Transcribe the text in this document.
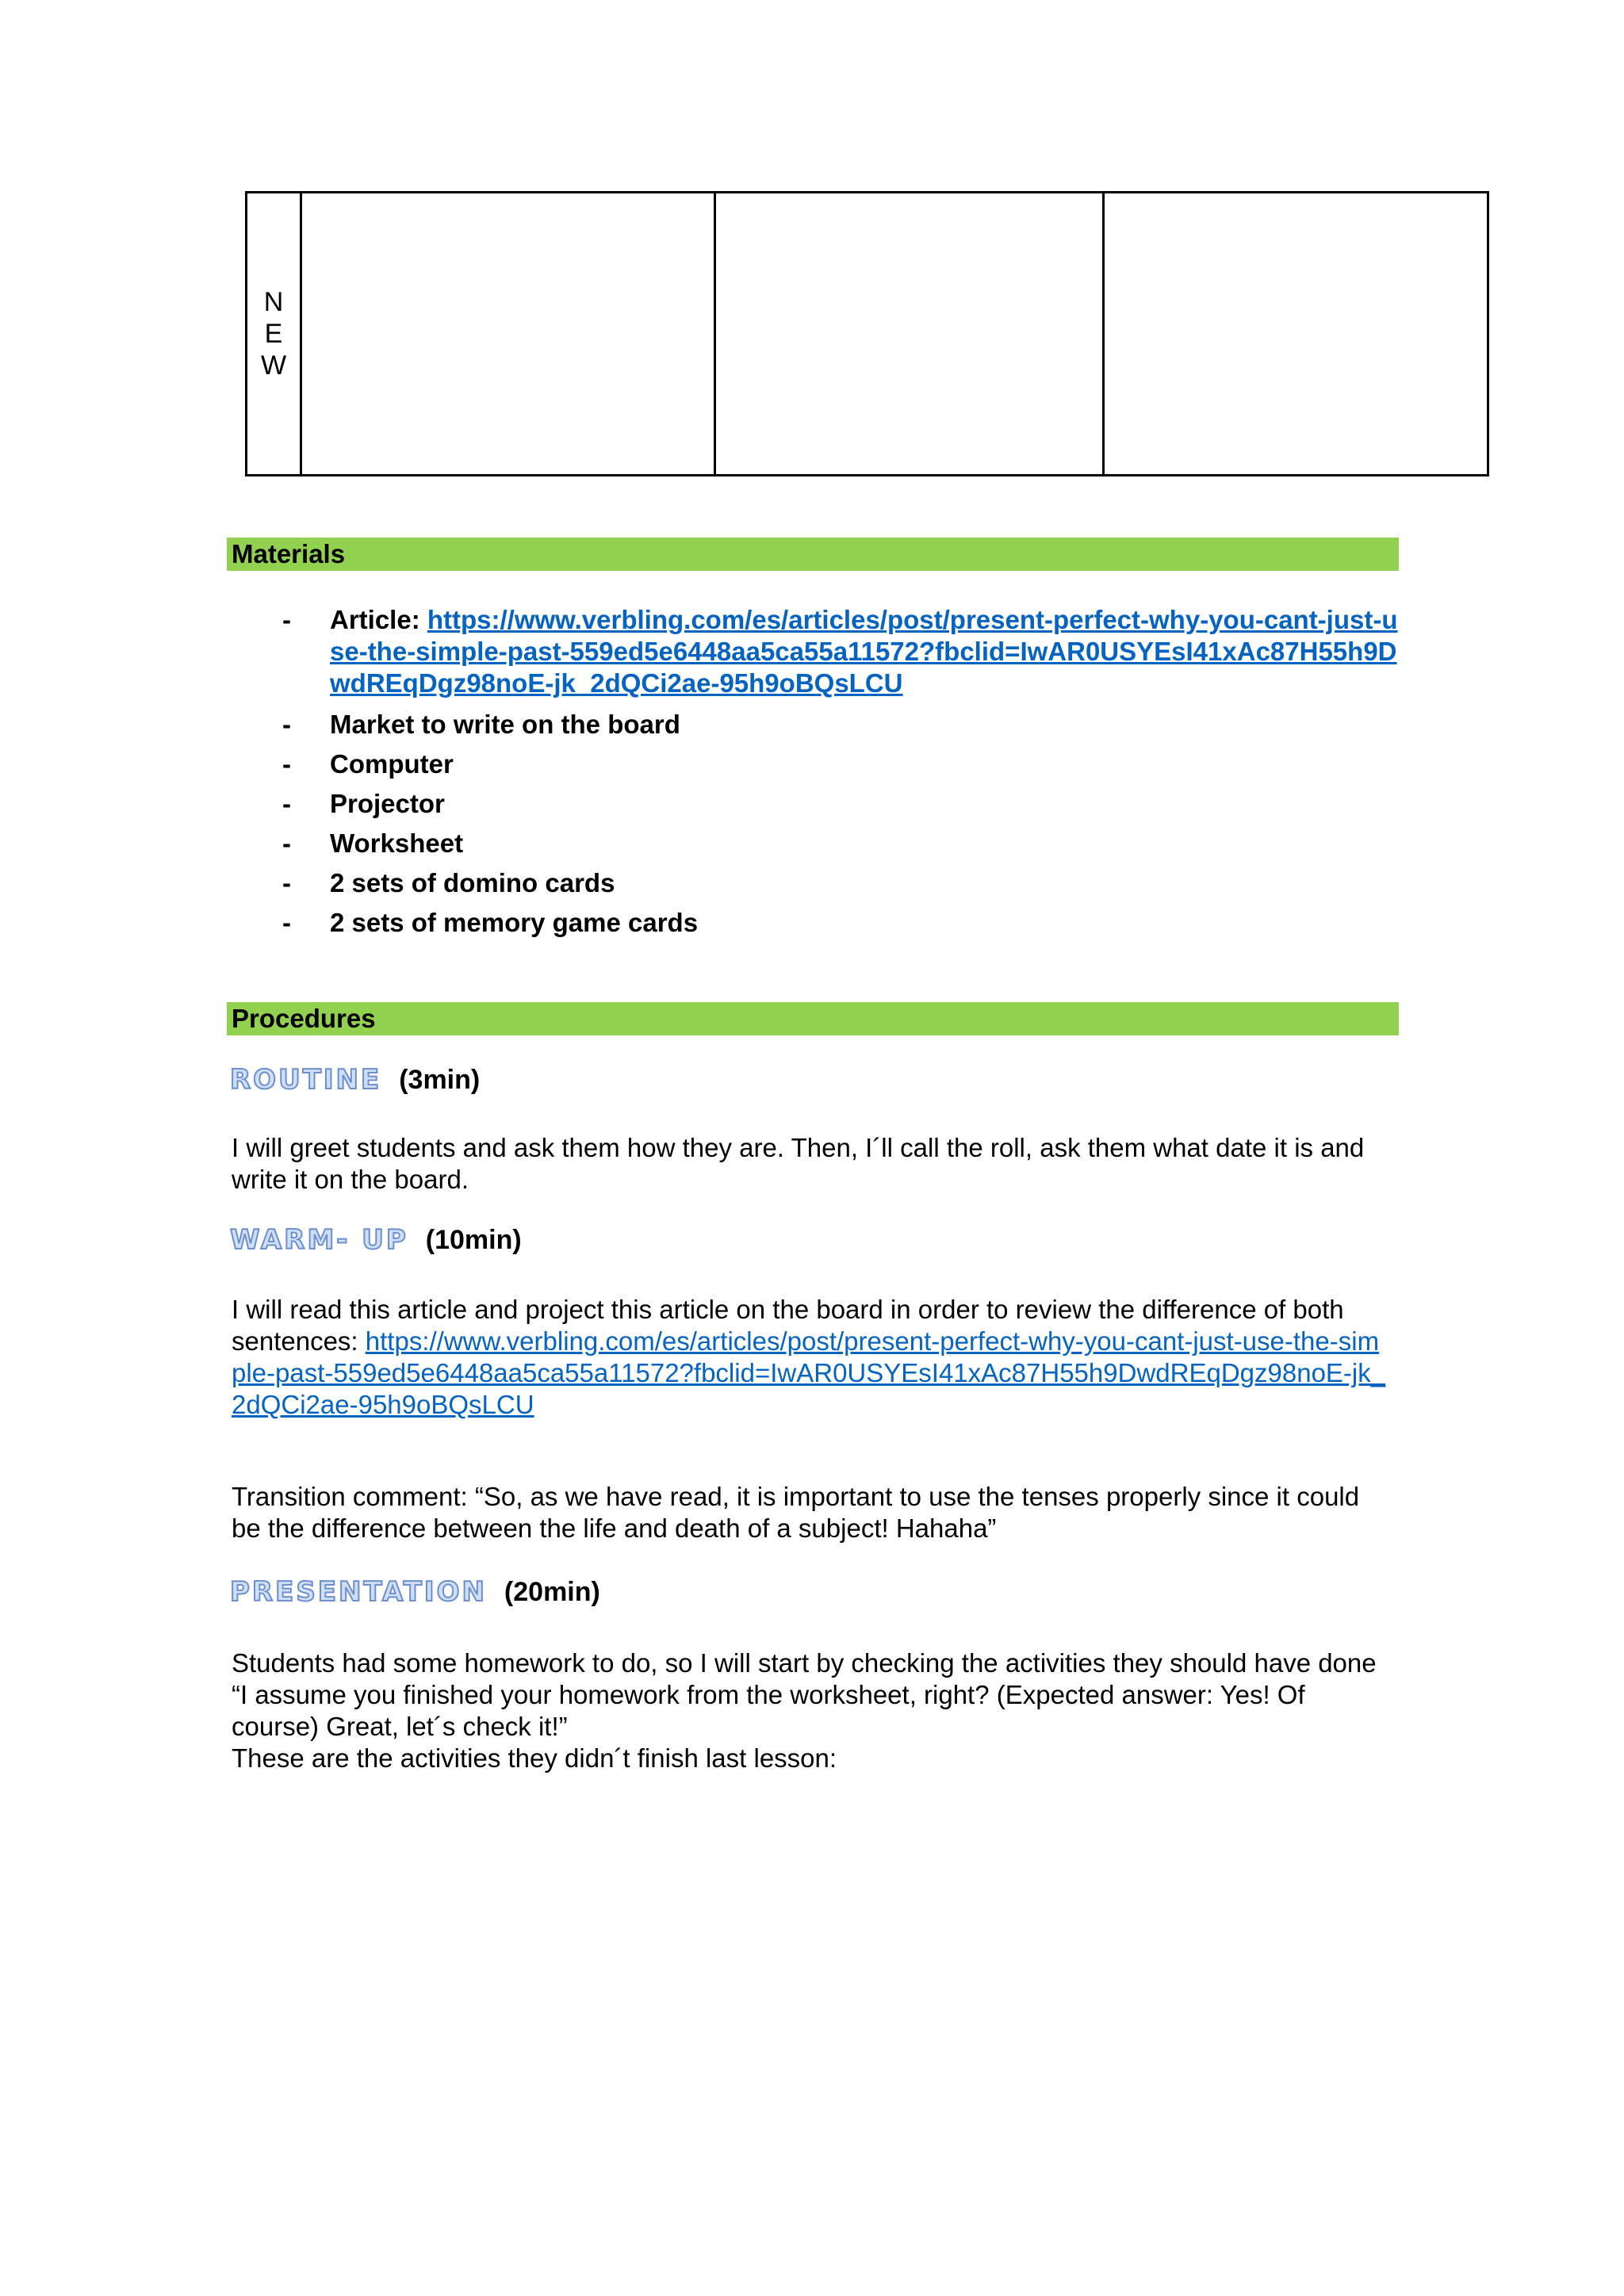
N
E
W

Materials
- Article: https://www.verbling.com/es/articles/post/present-perfect-why-you-cant-just-use-the-simple-past-559ed5e6448aa5ca55a11572?fbclid=IwAR0USYEsI41xAc87H55h9DwdREqDgz98noE-jk_2dQCi2ae-95h9oBQsLCU
- Market to write on the board
- Computer
- Projector
- Worksheet
- 2 sets of domino cards
- 2 sets of memory game cards
Procedures
ROUTINE (3min)
I will greet students and ask them how they are. Then, I´ll call the roll, ask them what date it is and write it on the board.
WARM- UP (10min)
I will read this article and project this article on the board in order to review the difference of both sentences: https://www.verbling.com/es/articles/post/present-perfect-why-you-cant-just-use-the-simple-past-559ed5e6448aa5ca55a11572?fbclid=IwAR0USYEsI41xAc87H55h9DwdREqDgz98noE-jk_2dQCi2ae-95h9oBQsLCU
Transition comment: “So, as we have read, it is important to use the tenses properly since it could be the difference between the life and death of a subject! Hahaha”
PRESENTATION (20min)
Students had some homework to do, so I will start by checking the activities they should have done “I assume you finished your homework from the worksheet, right? (Expected answer: Yes! Of course) Great, let´s check it!”
These are the activities they didn´t finish last lesson:
